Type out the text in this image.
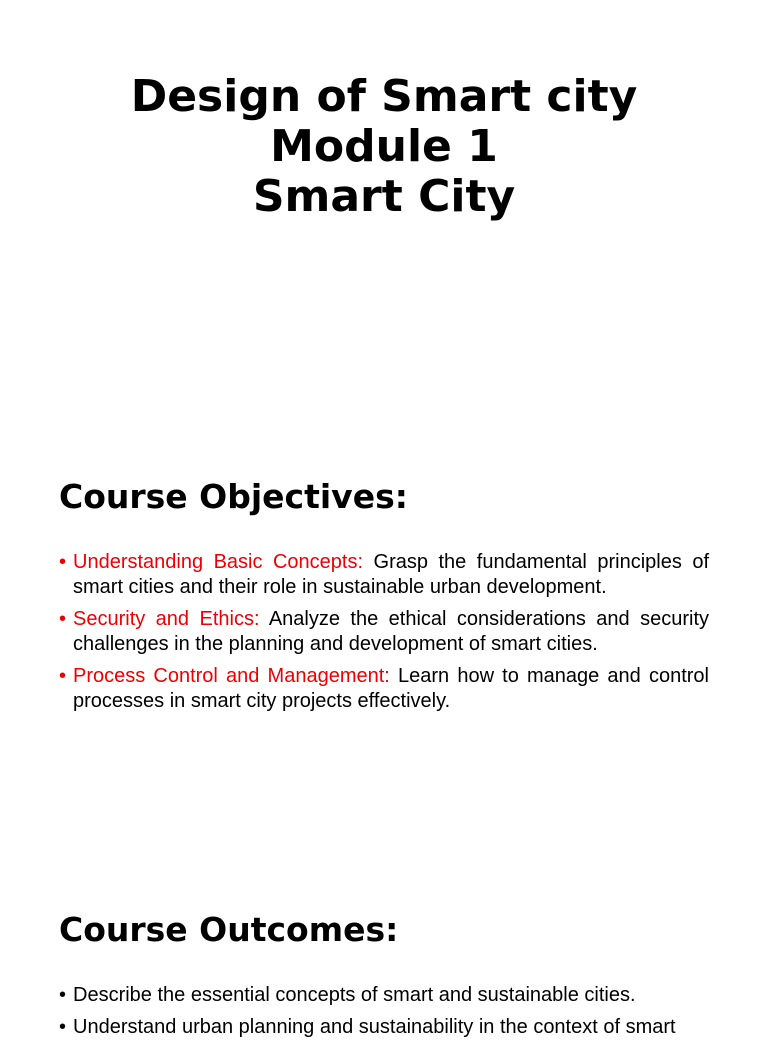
Design of Smart city
Module 1
Smart City
Course Objectives:
• Understanding Basic Concepts: Grasp the fundamental principles of smart cities and their role in sustainable urban development.
• Security and Ethics: Analyze the ethical considerations and security challenges in the planning and development of smart cities.
• Process Control and Management: Learn how to manage and control processes in smart city projects effectively.
Course Outcomes:
• Describe the essential concepts of smart and sustainable cities.
• Understand urban planning and sustainability in the context of smart
